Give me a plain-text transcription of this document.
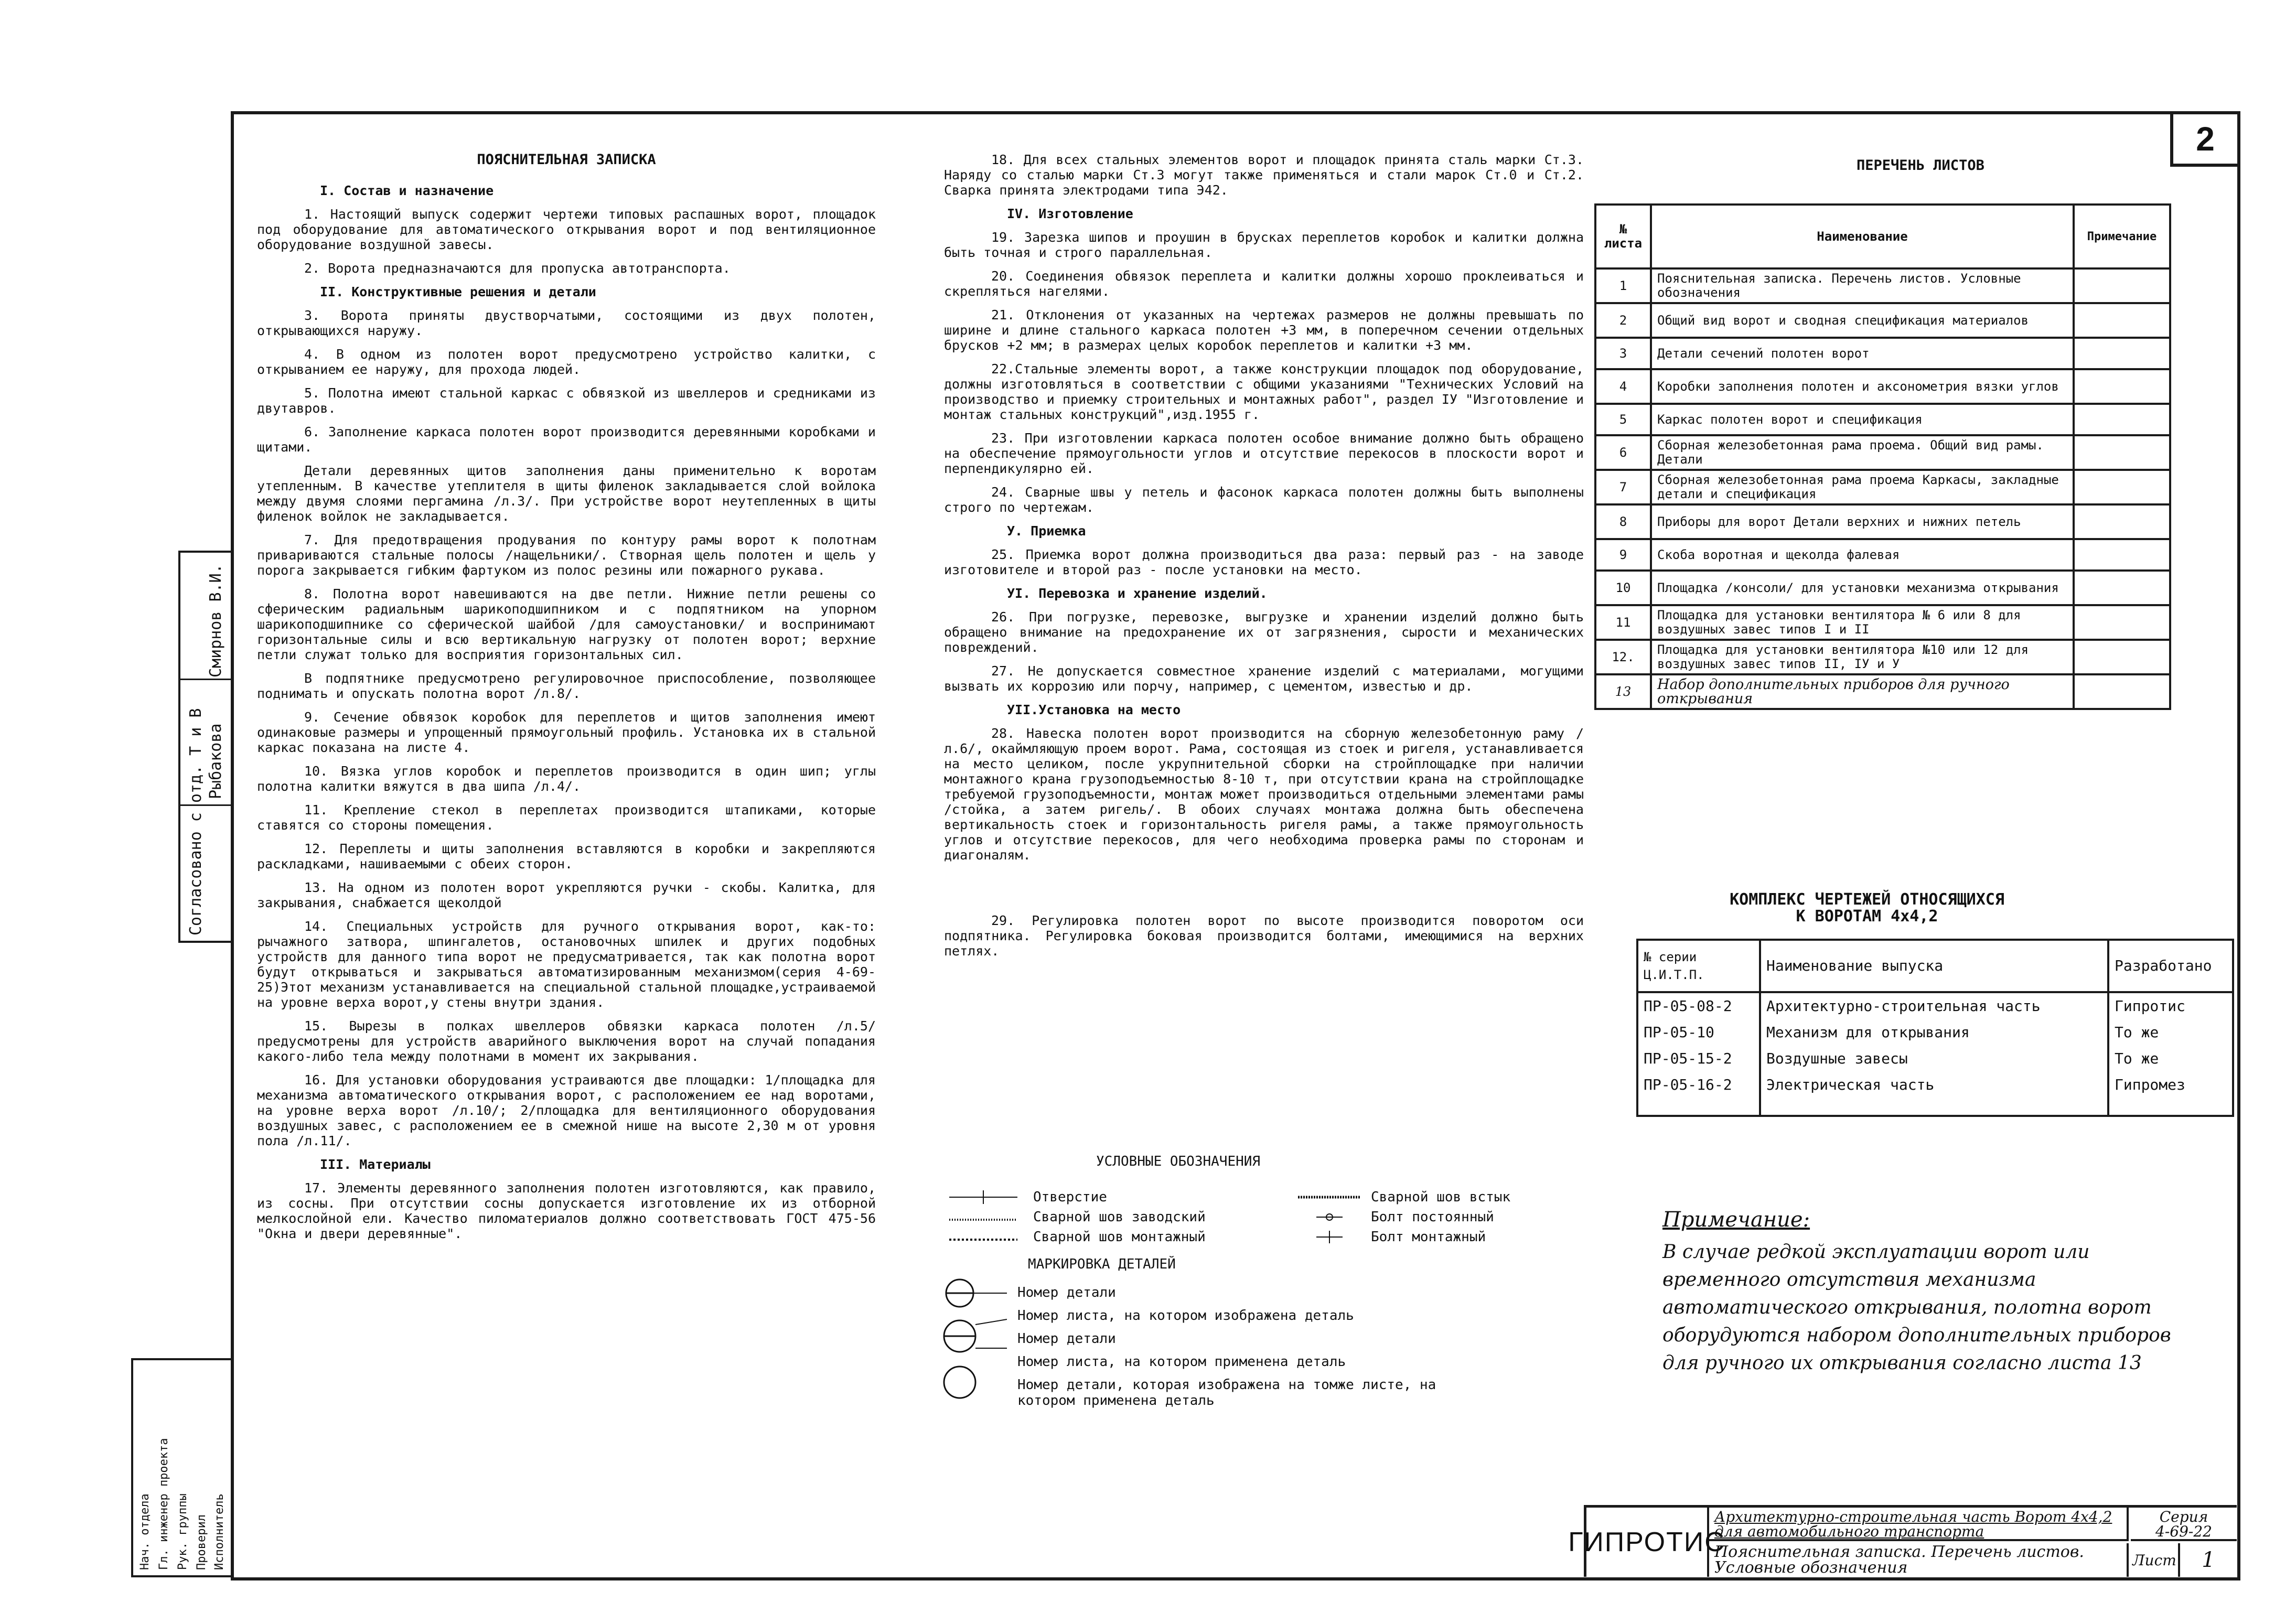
2
Согласовано с отд. Т и В Рыбакова
Смирнов В.И.
Нач. отдела Гл. инженер проекта Рук. группы Проверил Исполнитель
ПОЯСНИТЕЛЬНАЯ ЗАПИСКА
I. Состав и назначение

1. Настоящий выпуск содержит чертежи типовых распашных ворот, площадок под оборудование для автоматического открывания ворот и под вентиляционное оборудование воздушной завесы.

2. Ворота предназначаются для пропуска автотранспорта.

II. Конструктивные решения и детали

3. Ворота приняты двустворчатыми, состоящими из двух полотен, открывающихся наружу.

4. В одном из полотен ворот предусмотрено устройство калитки, с открыванием ее наружу, для прохода людей.

5. Полотна имеют стальной каркас с обвязкой из швеллеров и средниками из двутавров.

6. Заполнение каркаса полотен ворот производится деревянными коробками и щитами.

Детали деревянных щитов заполнения даны применительно к воротам утепленным. В качестве утеплителя в щиты филенок закладывается слой войлока между двумя слоями пергамина /л.3/. При устройстве ворот неутепленных в щиты филенок войлок не закладывается.

7. Для предотвращения продувания по контуру рамы ворот к полотнам привариваются стальные полосы /нащельники/. Створная щель полотен и щель у порога закрывается гибким фартуком из полос резины или пожарного рукава.

8. Полотна ворот навешиваются на две петли. Нижние петли решены со сферическим радиальным шарикоподшипником и с подпятником на упорном шарикоподшипнике со сферической шайбой /для самоустановки/ и воспринимают горизонтальные силы и всю вертикальную нагрузку от полотен ворот; верхние петли служат только для восприятия горизонтальных сил.

В подпятнике предусмотрено регулировочное приспособление, позволяющее поднимать и опускать полотна ворот /л.8/.

9. Сечение обвязок коробок для переплетов и щитов заполнения имеют одинаковые размеры и упрощенный прямоугольный профиль. Установка их в стальной каркас показана на листе 4.

10. Вязка углов коробок и переплетов производится в один шип; углы полотна калитки вяжутся в два шипа /л.4/.

11. Крепление стекол в переплетах производится штапиками, которые ставятся со стороны помещения.

12. Переплеты и щиты заполнения вставляются в коробки и закрепляются раскладками, нашиваемыми с обеих сторон.

13. На одном из полотен ворот укрепляются ручки - скобы. Калитка, для закрывания, снабжается щеколдой

14. Специальных устройств для ручного открывания ворот, как-то: рычажного затвора, шпингалетов, остановочных шпилек и других подобных устройств для данного типа ворот не предусматривается, так как полотна ворот будут открываться и закрываться автоматизированным механизмом(серия 4-69-25)Этот механизм устанавливается на специальной стальной площадке,устраиваемой на уровне верха ворот,у стены внутри здания.

15. Вырезы в полках швеллеров обвязки каркаса полотен /л.5/ предусмотрены для устройств аварийного выключения ворот на случай попадания какого-либо тела между полотнами в момент их закрывания.

16. Для установки оборудования устраиваются две площадки: 1/площадка для механизма автоматического открывания ворот, с расположением ее над воротами, на уровне верха ворот /л.10/; 2/площадка для вентиляционного оборудования воздушных завес, с расположением ее в смежной нише на высоте 2,30 м от уровня пола /л.11/.

III. Материалы

17. Элементы деревянного заполнения полотен изготовляются, как правило, из сосны. При отсутствии сосны допускается изготовление их из отборной мелкослойной ели. Качество пиломатериалов должно соответствовать ГОСТ 475-56 "Окна и двери деревянные".

18. Для всех стальных элементов ворот и площадок принята сталь марки Ст.3. Наряду со сталью марки Ст.3 могут также применяться и стали марок Ст.0 и Ст.2. Сварка принята электродами типа Э42.

IV. Изготовление

19. Зарезка шипов и проушин в брусках переплетов коробок и калитки должна быть точная и строго параллельная.

20. Соединения обвязок переплета и калитки должны хорошо проклеиваться и скрепляться нагелями.

21. Отклонения от указанных на чертежах размеров не должны превышать по ширине и длине стального каркаса полотен +3 мм, в поперечном сечении отдельных брусков +2 мм; в размерах целых коробок переплетов и калитки +3 мм.

22.Стальные элементы ворот, а также конструкции площадок под оборудование, должны изготовляться в соответствии с общими указаниями "Технических Условий на производство и приемку строительных и монтажных работ", раздел IУ "Изготовление и монтаж стальных конструкций",изд.1955 г.

23. При изготовлении каркаса полотен особое внимание должно быть обращено на обеспечение прямоугольности углов и отсутствие перекосов в плоскости ворот и перпендикулярно ей.

24. Сварные швы у петель и фасонок каркаса полотен должны быть выполнены строго по чертежам.

У. Приемка

25. Приемка ворот должна производиться два раза: первый раз - на заводе изготовителе и второй раз - после установки на место.

УI. Перевозка и хранение изделий.

26. При погрузке, перевозке, выгрузке и хранении изделий должно быть обращено внимание на предохранение их от загрязнения, сырости и механических повреждений.

27. Не допускается совместное хранение изделий с материалами, могущими вызвать их коррозию или порчу, например, с цементом, известью и др.

УII.Установка на место

28. Навеска полотен ворот производится на сборную железобетонную раму /л.6/, окаймляющую проем ворот. Рама, состоящая из стоек и ригеля, устанавливается на место целиком, после укрупнительной сборки на стройплощадке при наличии монтажного крана грузоподъемностью 8-10 т, при отсутствии крана на стройплощадке требуемой грузоподъемности, монтаж может производиться отдельными элементами рамы /стойка, а затем ригель/. В обоих случаях монтажа должна быть обеспечена вертикальность стоек и горизонтальность ригеля рамы, а также прямоугольность углов и отсутствие перекосов, для чего необходима проверка рамы по сторонам и диагоналям.

29. Регулировка полотен ворот по высоте производится поворотом оси подпятника. Регулировка боковая производится болтами, имеющимися на верхних петлях.

УСЛОВНЫЕ ОБОЗНАЧЕНИЯ
Отверстие
Сварной шов заводский
Сварной шов монтажный
Сварной шов встык
Болт постоянный
Болт монтажный
МАРКИРОВКА ДЕТАЛЕЙ
Номер детали
Номер листа, на котором изображена деталь
Номер детали
Номер листа, на котором применена деталь
Номер детали, которая изображена на томже листе, на котором применена деталь
ПЕРЕЧЕНЬ ЛИСТОВ
№ листа	Наименование	Примечание
1	Пояснительная записка. Перечень листов. Условные обозначения	
2	Общий вид ворот и сводная спецификация материалов	
3	Детали сечений полотен ворот	
4	Коробки заполнения полотен и аксонометрия вязки углов	
5	Каркас полотен ворот и спецификация	
6	Сборная железобетонная рама проема. Общий вид рамы. Детали	
7	Сборная железобетонная рама проема Каркасы, закладные детали и спецификация	
8	Приборы для ворот Детали верхних и нижних петель	
9	Скоба воротная и щеколда фалевая	
10	Площадка /консоли/ для установки механизма открывания	
11	Площадка для установки вентилятора № 6 или 8 для воздушных завес типов I и II	
12.	Площадка для установки вентилятора №10 или 12 для воздушных завес типов II, IУ и У	
13	Набор дополнительных приборов для ручного открывания	
КОМПЛЕКС ЧЕРТЕЖЕЙ ОТНОСЯЩИХСЯ
К ВОРОТАМ 4х4,2
№ серии Ц.И.Т.П.	Наименование выпуска	Разработано
ПР-05-08-2	Архитектурно-строительная часть	Гипротис
ПР-05-10	Механизм для открывания	То же
ПР-05-15-2	Воздушные завесы	То же
ПР-05-16-2	Электрическая часть	Гипромез
Примечание:
В случае редкой эксплуатации ворот или временного отсутствия механизма автоматического открывания, полотна ворот оборудуются набором дополнительных приборов для ручного их открывания согласно листа 13
ГИПРОТИС
Архитектурно-строительная часть Ворот 4х4,2 для автомобильного транспорта
Пояснительная записка. Перечень листов. Условные обозначения
Серия
4-69-22
Лист	1
